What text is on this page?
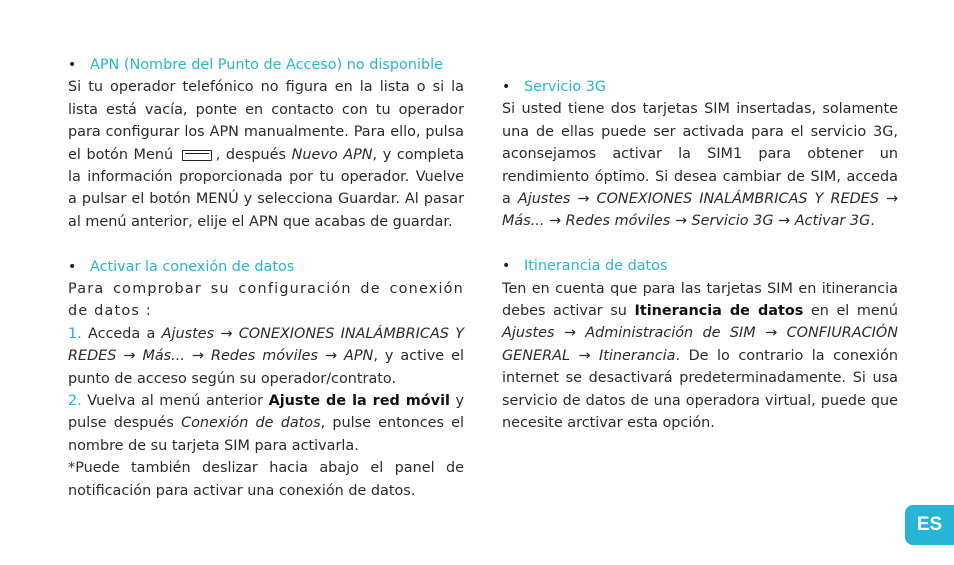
• APN (Nombre del Punto de Acceso) no disponible

Si tu operador telefónico no figura en la lista o si la lista está vacía, ponte en contacto con tu operador para configurar los APN manualmente. Para ello, pulsa el botón Menú	, después Nuevo APN, y completa la información proporcionada por tu operador. Vuelve a pulsar el botón MENÚ y selecciona Guardar. Al pasar al menú anterior, elije el APN que acabas de guardar.

• Activar la conexión de datos

Para comprobar su configuración de conexión de datos :

1. Acceda a Ajustes → CONEXIONES INALÁMBRICAS Y REDES → Más... → Redes móviles → APN, y active el punto de acceso según su operador/contrato.

2. Vuelva al menú anterior Ajuste de la red móvil y pulse después Conexión de datos, pulse entonces el nombre de su tarjeta SIM para activarla.

*Puede también deslizar hacia abajo el panel de notificación para activar una conexión de datos.

• Servicio 3G

Si usted tiene dos tarjetas SIM insertadas, solamente una de ellas puede ser activada para el servicio 3G, aconsejamos activar la SIM1 para obtener un rendimiento óptimo. Si desea cambiar de SIM, acceda a Ajustes → CONEXIONES INALÁMBRICAS Y REDES → Más... → Redes móviles → Servicio 3G → Activar 3G.

• Itinerancia de datos

Ten en cuenta que para las tarjetas SIM en itinerancia debes activar su Itinerancia de datos en el menú Ajustes → Administración de SIM → CONFIURACIÓN GENERAL → Itinerancia. De lo contrario la conexión internet se desactivará predeterminadamente. Si usa servicio de datos de una operadora virtual, puede que necesite arctivar esta opción.

ES
